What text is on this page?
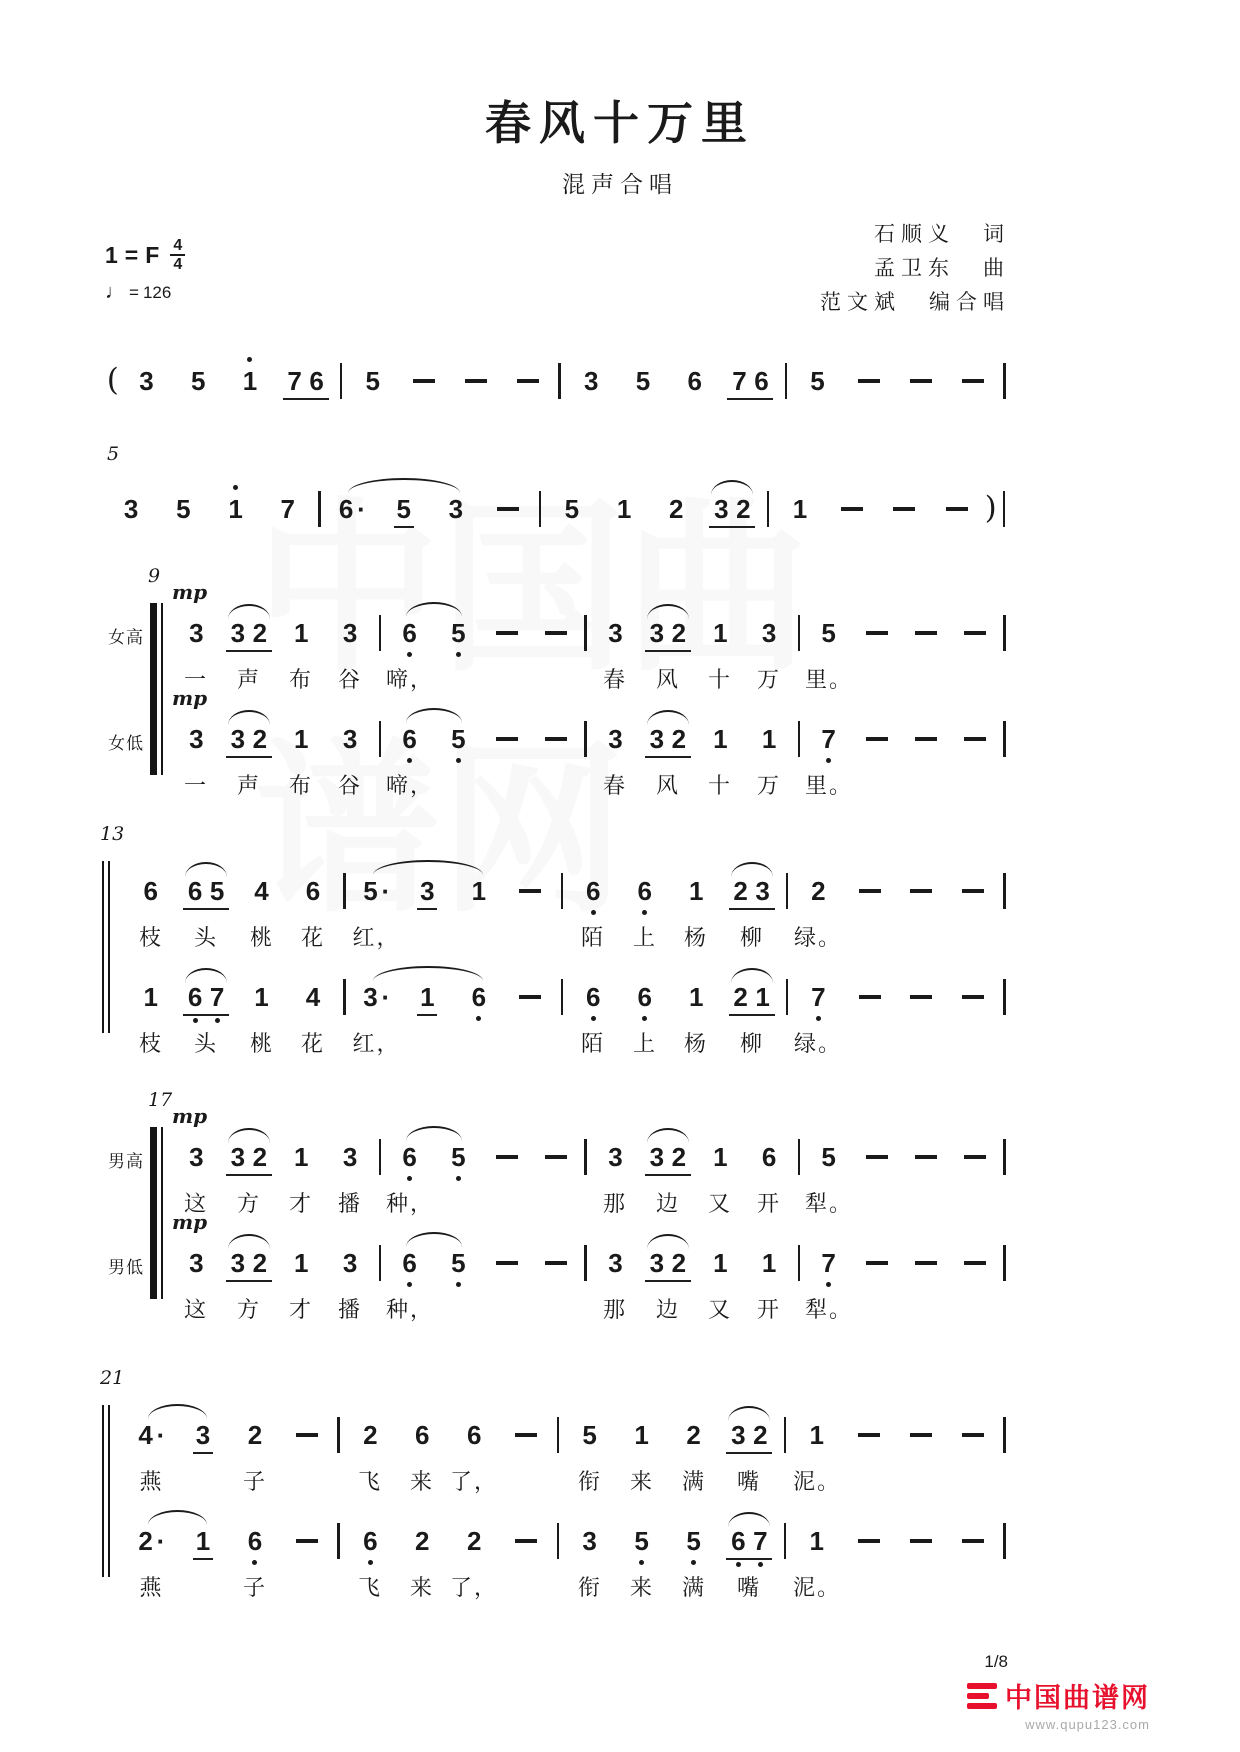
春风十万里
混声合唱
石顺义 词
孟卫东 曲
范文斌 编合唱
1 = F $\frac{4}{4}$
♩ = 126
( 3 5 1 7 6 5	3 5 6 7 6 5
5
3 5 1 7 6 · 5 3	5 1 2 3 2 1	)
9
女高 3 3 2 1 3 6 5	3 3 2 1 3 5
mp
一 声 布 谷 啼，	春 风 十 万 里。
女低 3 3 2 1 3 6 5	3 3 2 1 1 7
mp
一 声 布 谷 啼，	春 风 十 万 里。
13
6 6 5 4 6 5 · 3 1	6 6 1 2 3 2
枝 头 桃 花 红，	陌 上 杨 柳 绿。
1 6 7 1 4 3 · 1 6	6 6 1 2 1 7
枝 头 桃 花 红，	陌 上 杨 柳 绿。
17
男高 3 3 2 1 3 6 5	3 3 2 1 6 5
mp
这 方 才 播 种，	那 边 又 开 犁。
男低 3 3 2 1 3 6 5	3 3 2 1 1 7
mp
这 方 才 播 种，	那 边 又 开 犁。
21
4 · 3 2	2 6 6	5 1 2 3 2 1
燕	子	飞 来 了，	衔 来 满 嘴 泥。
2 · 1 6	6 2 2	3 5 5 6 7 1
燕	子	飞 来 了，	衔 来 满 嘴 泥。
1/8
中国曲谱网
www.qupu123.com
